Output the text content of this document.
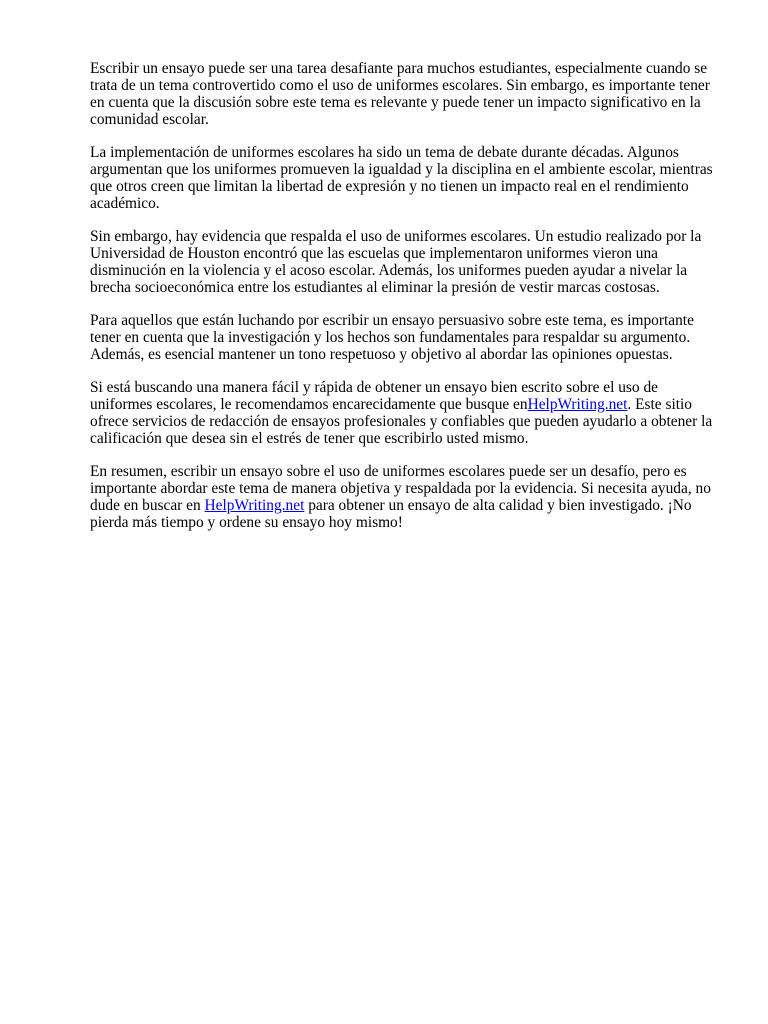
Escribir un ensayo puede ser una tarea desafiante para muchos estudiantes, especialmente cuando se trata de un tema controvertido como el uso de uniformes escolares. Sin embargo, es importante tener en cuenta que la discusión sobre este tema es relevante y puede tener un impacto significativo en la comunidad escolar.

La implementación de uniformes escolares ha sido un tema de debate durante décadas. Algunos argumentan que los uniformes promueven la igualdad y la disciplina en el ambiente escolar, mientras que otros creen que limitan la libertad de expresión y no tienen un impacto real en el rendimiento académico.

Sin embargo, hay evidencia que respalda el uso de uniformes escolares. Un estudio realizado por la Universidad de Houston encontró que las escuelas que implementaron uniformes vieron una disminución en la violencia y el acoso escolar. Además, los uniformes pueden ayudar a nivelar la brecha socioeconómica entre los estudiantes al eliminar la presión de vestir marcas costosas.

Para aquellos que están luchando por escribir un ensayo persuasivo sobre este tema, es importante tener en cuenta que la investigación y los hechos son fundamentales para respaldar su argumento. Además, es esencial mantener un tono respetuoso y objetivo al abordar las opiniones opuestas.

Si está buscando una manera fácil y rápida de obtener un ensayo bien escrito sobre el uso de uniformes escolares, le recomendamos encarecidamente que busque enHelpWriting.net. Este sitio ofrece servicios de redacción de ensayos profesionales y confiables que pueden ayudarlo a obtener la calificación que desea sin el estrés de tener que escribirlo usted mismo.

En resumen, escribir un ensayo sobre el uso de uniformes escolares puede ser un desafío, pero es importante abordar este tema de manera objetiva y respaldada por la evidencia. Si necesita ayuda, no dude en buscar en HelpWriting.net para obtener un ensayo de alta calidad y bien investigado. ¡No pierda más tiempo y ordene su ensayo hoy mismo!
